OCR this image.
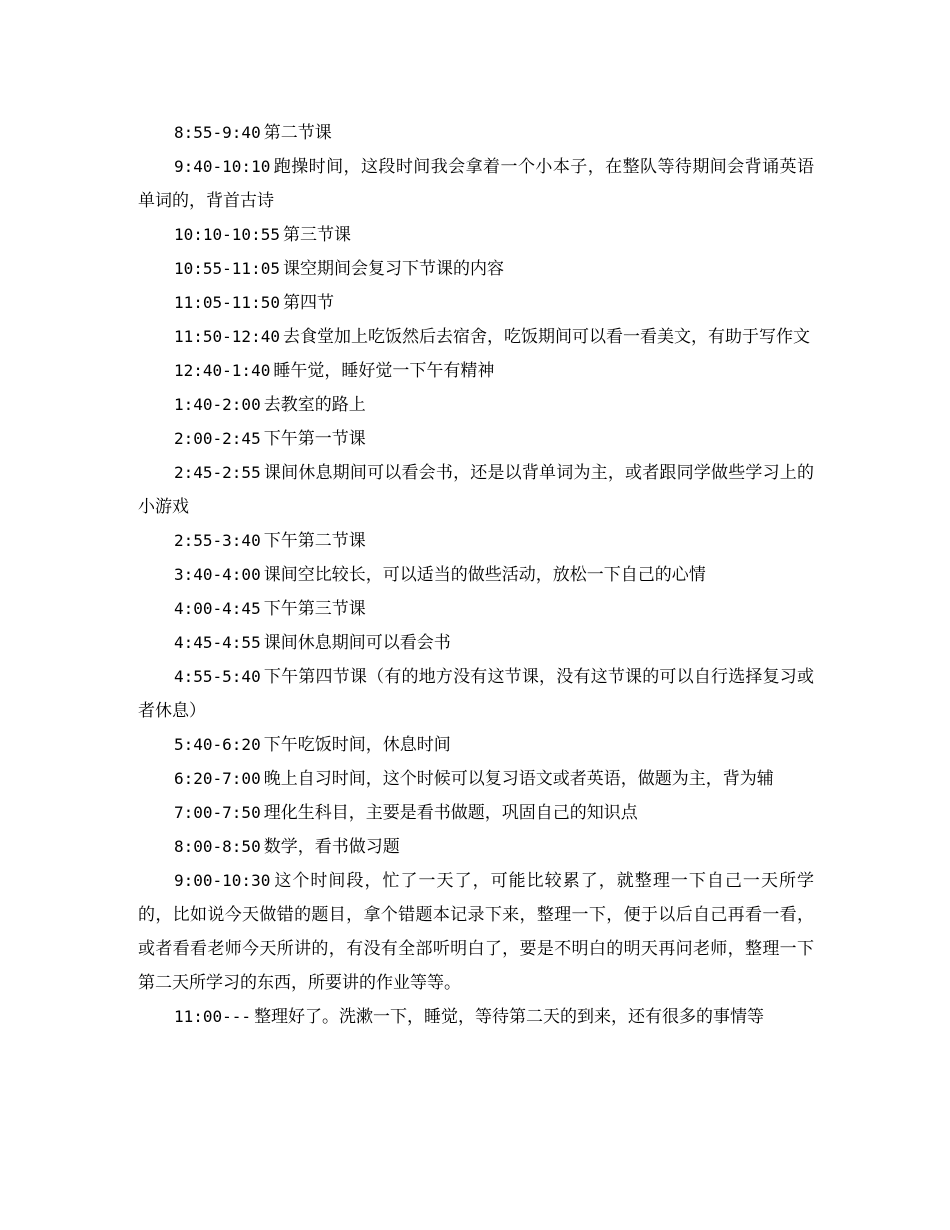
8:55-9:40 第二节课

9:40-10:10 跑操时间，这段时间我会拿着一个小本子，在整队等待期间会背诵英语单词的，背首古诗

10:10-10:55 第三节课

10:55-11:05 课空期间会复习下节课的内容

11:05-11:50 第四节

11:50-12:40 去食堂加上吃饭然后去宿舍，吃饭期间可以看一看美文，有助于写作文

12:40-1:40 睡午觉，睡好觉一下午有精神

1:40-2:00 去教室的路上

2:00-2:45 下午第一节课

2:45-2:55 课间休息期间可以看会书，还是以背单词为主，或者跟同学做些学习上的小游戏

2:55-3:40 下午第二节课

3:40-4:00 课间空比较长，可以适当的做些活动，放松一下自己的心情

4:00-4:45 下午第三节课

4:45-4:55 课间休息期间可以看会书

4:55-5:40 下午第四节课（有的地方没有这节课，没有这节课的可以自行选择复习或者休息）

5:40-6:20 下午吃饭时间，休息时间

6:20-7:00 晚上自习时间，这个时候可以复习语文或者英语，做题为主，背为辅

7:00-7:50 理化生科目，主要是看书做题，巩固自己的知识点

8:00-8:50 数学，看书做习题

9:00-10:30 这个时间段，忙了一天了，可能比较累了，就整理一下自己一天所学的，比如说今天做错的题目，拿个错题本记录下来，整理一下，便于以后自己再看一看，或者看看老师今天所讲的，有没有全部听明白了，要是不明白的明天再问老师，整理一下第二天所学习的东西，所要讲的作业等等。

11:00--- 整理好了。洗漱一下，睡觉，等待第二天的到来，还有很多的事情等
